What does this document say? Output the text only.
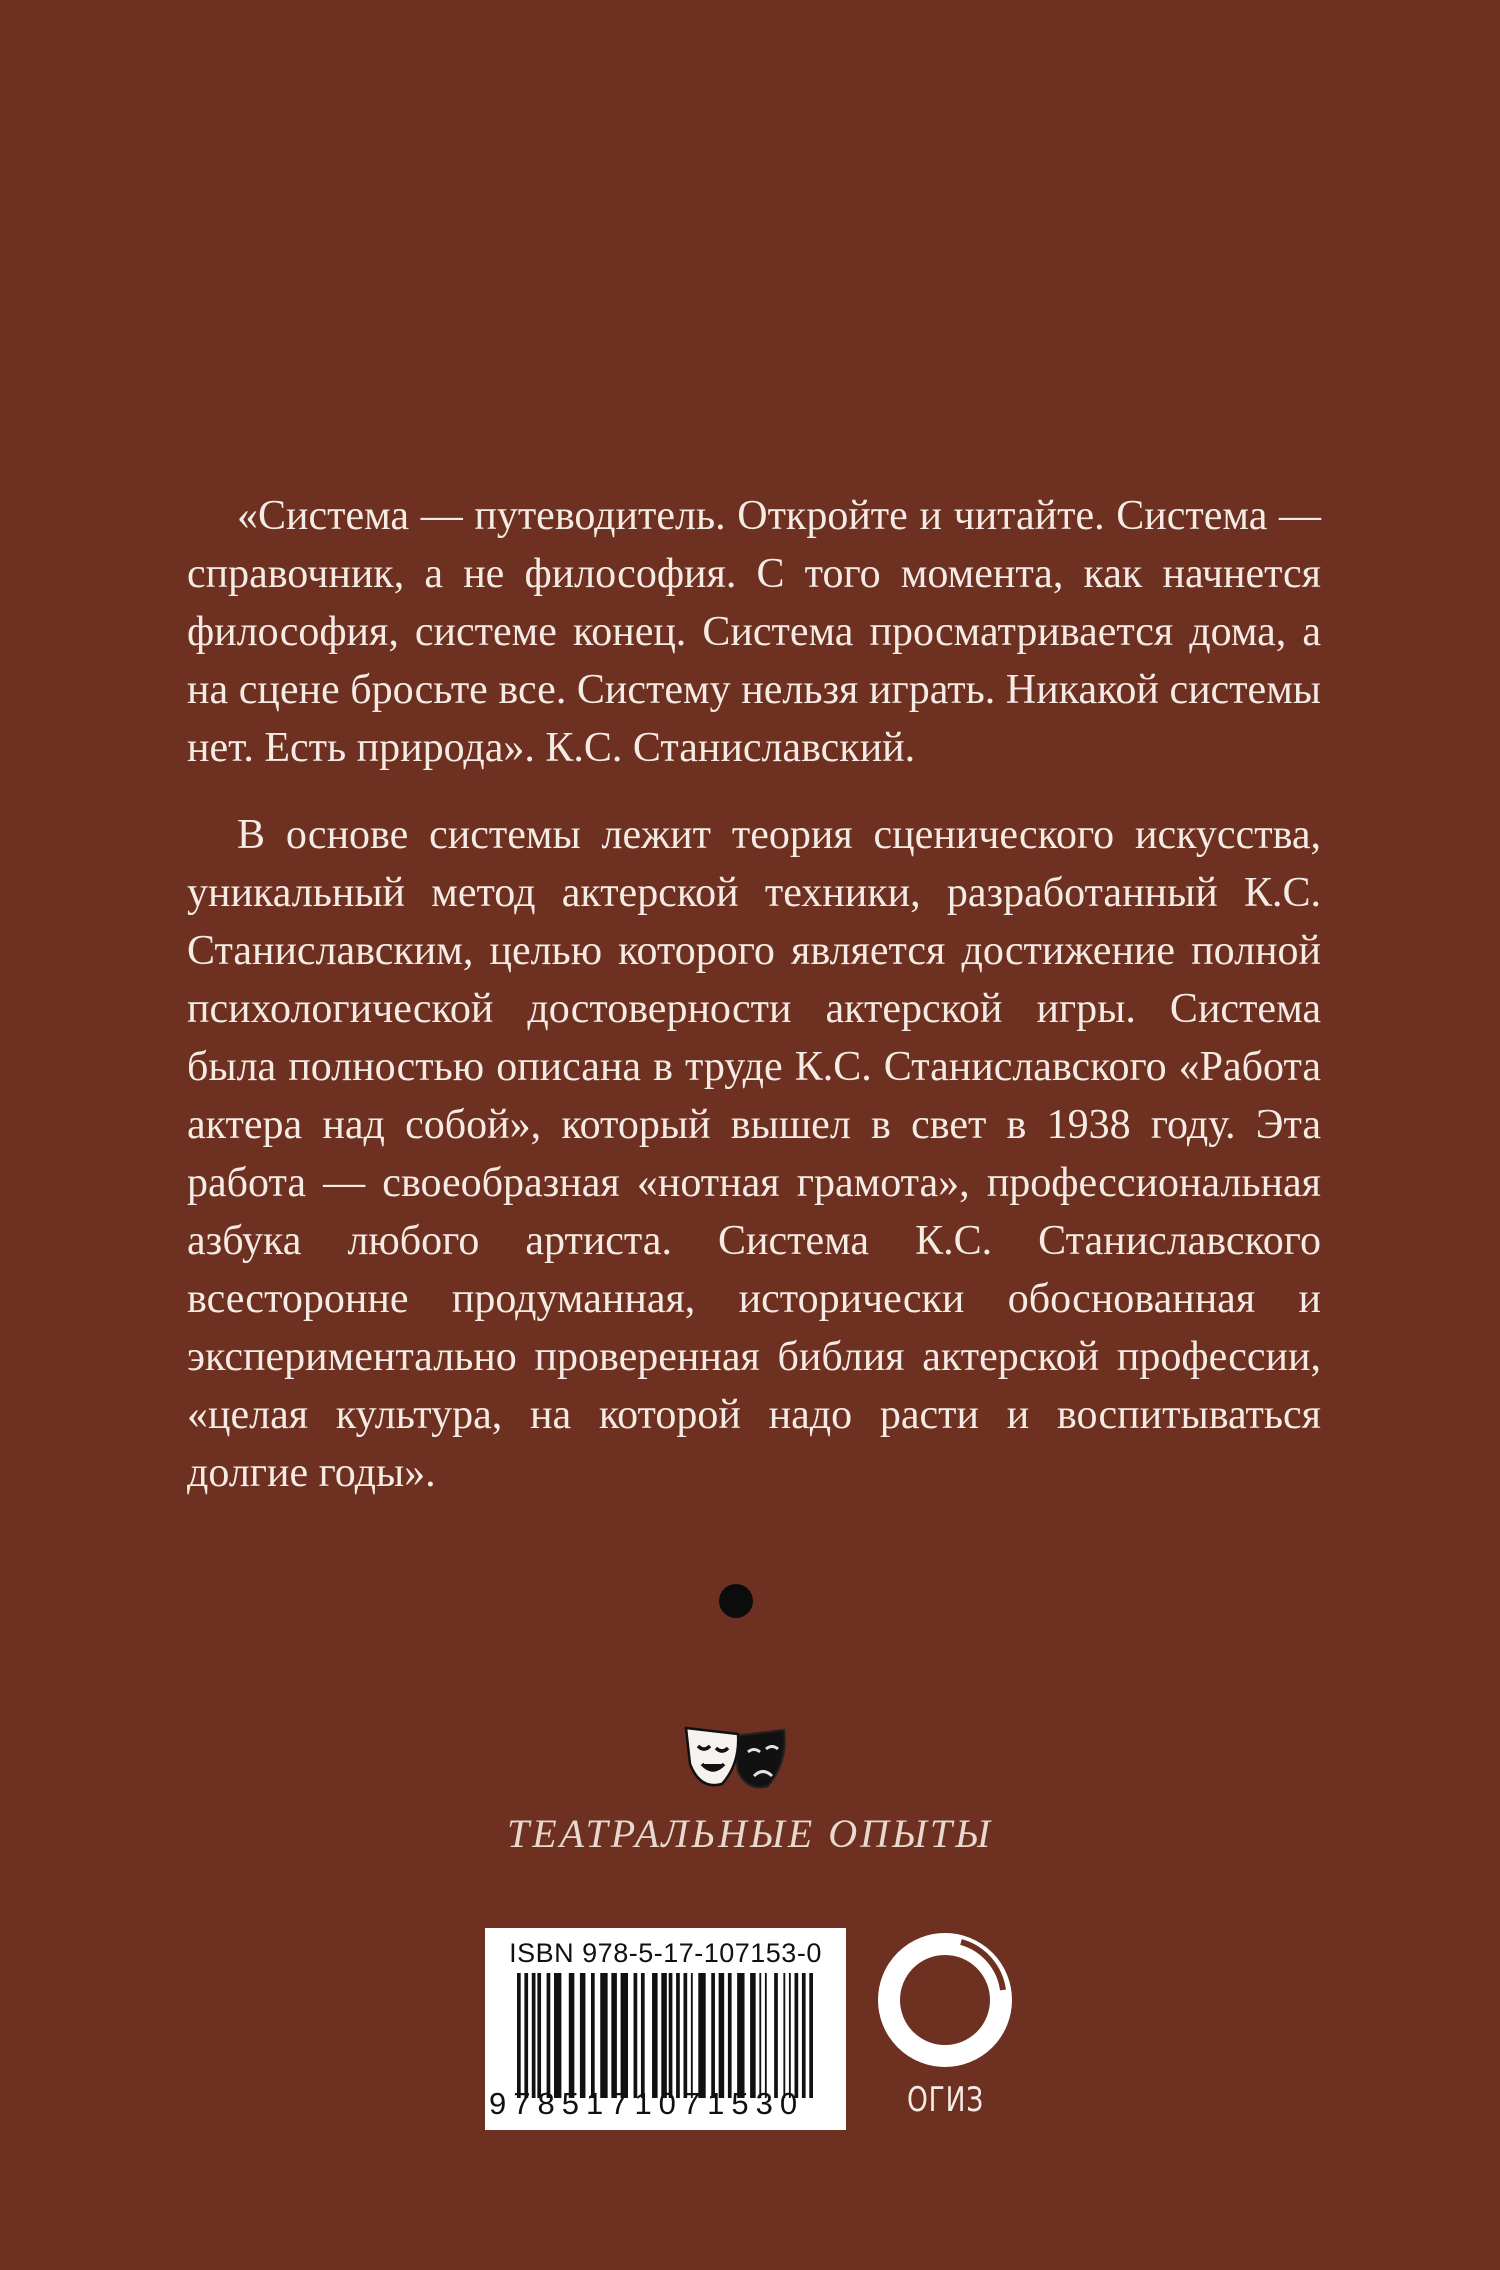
«Система — путеводитель. Откройте и читайте. Система — справочник, а не философия. С того момента, как начнется философия, системе конец. Система просматривается дома, а на сцене бросьте все. Систему нельзя играть. Никакой системы нет. Есть природа». К.С. Станиславский.

В основе системы лежит теория сценического искусства, уникальный метод актерской техники, разработанный К.С. Станиславским, целью которого является достижение полной психологической достоверности актерской игры. Система была полностью описана в труде К.С. Станиславского «Работа актера над собой», который вышел в свет в 1938 году. Эта работа — своеобразная «нотная грамота», профессиональная азбука любого артиста. Система К.С. Станиславского всесторонне продуманная, исторически обоснованная и экспериментально проверенная библия актерской профессии, «целая культура, на которой надо расти и воспитываться долгие годы».

ТЕАТРАЛЬНЫЕ ОПЫТЫ
ISBN 978-5-17-107153-0
9785171071530	ОГИЗ
